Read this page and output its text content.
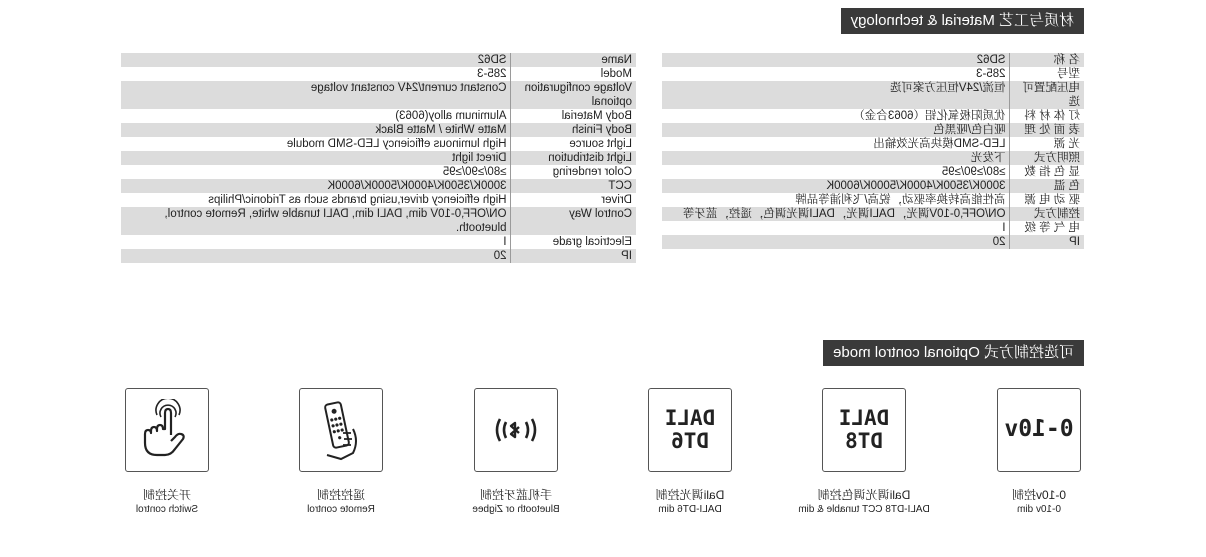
材质与工艺 Material & technology
名 称	SD62
型号	285-3
电压配置可选	恒流/24V恒压方案可选
灯 体 材 料	优质阳极氧化铝（6063合金）
表 面 处 理	哑白色/哑黑色
光 源	LED-SMD模块高光效输出
照明方式	下发光
显 色 指 数	≥80/≥90/≥95
色 温	3000K/3500K/4000K/5000K/6000K
驱 动 电 源	高性能高转换率驱动，锐高/飞利浦等品牌
控制方式	ON/OFF,0-10V调光，DALI调光，DALI调光调色，遥控，蓝牙等
电 气 等 级	I
IP	20
Name	SD62
Model	285-3
Voltage configuration optional	Constant current/24V constant voltage
Body Material	Aluminum alloy(6063)
Body Finish	Matte White / Matte Black
Light source	High luminous efficiency LED-SMD module
Light distribution	Direct light
Color rendering	≥80/≥90/≥95
CCT	3000K/3500K/4000K/5000K/6000K
Driver	High efficiency driver,using brands such as Tridonic/Philips
Control Way	ON/OFF,0-10V dim, DALI dim, DALI tunable white, Remote control, bluetooth.
Electrical grade	I
IP	20
可选控制方式 Optional control mode
0-10v
0-10v控制
0-10v dim
DALI
DT8
Dali调光调色控制
DALI-DT8 CCT tunable & dim
DALI
DT6
Dali调光控制
DALI-DT6 dim
手机蓝牙控制
Bluetooth or Zigbee
遥控控制
Remote control
开关控制
Switch control
